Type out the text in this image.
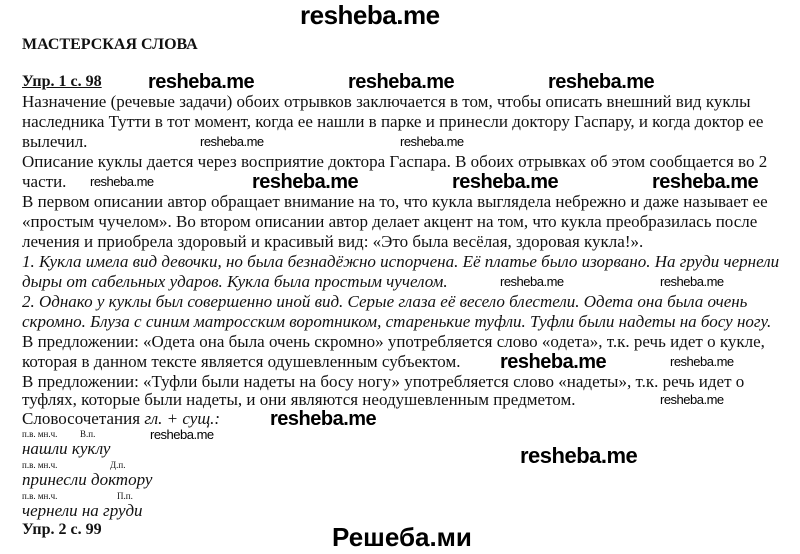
resheba.me
МАСТЕРСКАЯ СЛОВА
Упр. 1 с. 98
Назначение (речевые задачи) обоих отрывков заключается в том, чтобы описать внешний вид куклы
наследника Тутти в тот момент, когда ее нашли в парке и принесли доктору Гаспару, и когда доктор ее
вылечил.
Описание куклы дается через восприятие доктора Гаспара. В обоих отрывках об этом сообщается во 2
части.
В первом описании автор обращает внимание на то, что кукла выглядела небрежно и даже называет ее
«простым чучелом». Во втором описании автор делает акцент на том, что кукла преобразилась после
лечения и приобрела здоровый и красивый вид: «Это была весёлая, здоровая кукла!».
1. Кукла имела вид девочки, но была безнадёжно испорчена. Её платье было изорвано. На груди чернели
дыры от сабельных ударов. Кукла была простым чучелом.
2. Однако у куклы был совершенно иной вид. Серые глаза её весело блестели. Одета она была очень
скромно. Блуза с синим матросским воротником, старенькие туфли. Туфли были надеты на босу ногу.
В предложении: «Одета она была очень скромно» употребляется слово «одета», т.к. речь идет о кукле,
которая в данном тексте является одушевленным субъектом.
В предложении: «Туфли были надеты на босу ногу» употребляется слово «надеты», т.к. речь идет о
туфлях, которые были надеты, и они являются неодушевленным предметом.
Словосочетания гл. + сущ.:
п.в. мн.ч.	В.п.
нашли куклу
п.в. мн.ч.	Д.п.
принесли доктору
п.в. мн.ч.	П.п.
чернели на груди
Упр. 2 с. 99
resheba.me	resheba.me	resheba.me
resheba.me	resheba.me	resheba.me	resheba.me
resheba.me	resheba.me
resheba.me
resheba.me	resheba.me
resheba.me	resheba.me
resheba.me
resheba.me
resheba.me
Решеба.ми
